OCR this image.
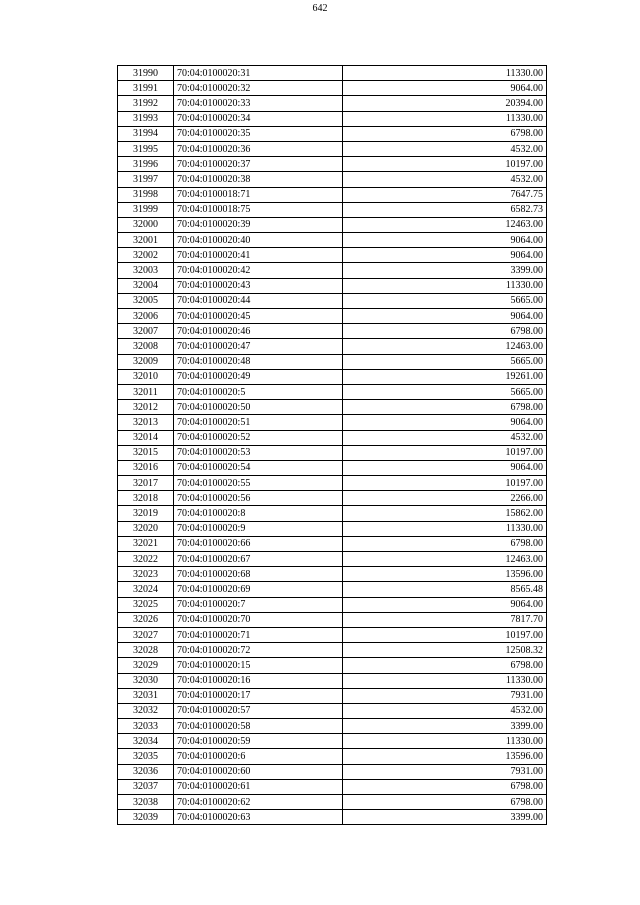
642
31990	70:04:0100020:31	11330.00
31991	70:04:0100020:32	9064.00
31992	70:04:0100020:33	20394.00
31993	70:04:0100020:34	11330.00
31994	70:04:0100020:35	6798.00
31995	70:04:0100020:36	4532.00
31996	70:04:0100020:37	10197.00
31997	70:04:0100020:38	4532.00
31998	70:04:0100018:71	7647.75
31999	70:04:0100018:75	6582.73
32000	70:04:0100020:39	12463.00
32001	70:04:0100020:40	9064.00
32002	70:04:0100020:41	9064.00
32003	70:04:0100020:42	3399.00
32004	70:04:0100020:43	11330.00
32005	70:04:0100020:44	5665.00
32006	70:04:0100020:45	9064.00
32007	70:04:0100020:46	6798.00
32008	70:04:0100020:47	12463.00
32009	70:04:0100020:48	5665.00
32010	70:04:0100020:49	19261.00
32011	70:04:0100020:5	5665.00
32012	70:04:0100020:50	6798.00
32013	70:04:0100020:51	9064.00
32014	70:04:0100020:52	4532.00
32015	70:04:0100020:53	10197.00
32016	70:04:0100020:54	9064.00
32017	70:04:0100020:55	10197.00
32018	70:04:0100020:56	2266.00
32019	70:04:0100020:8	15862.00
32020	70:04:0100020:9	11330.00
32021	70:04:0100020:66	6798.00
32022	70:04:0100020:67	12463.00
32023	70:04:0100020:68	13596.00
32024	70:04:0100020:69	8565.48
32025	70:04:0100020:7	9064.00
32026	70:04:0100020:70	7817.70
32027	70:04:0100020:71	10197.00
32028	70:04:0100020:72	12508.32
32029	70:04:0100020:15	6798.00
32030	70:04:0100020:16	11330.00
32031	70:04:0100020:17	7931.00
32032	70:04:0100020:57	4532.00
32033	70:04:0100020:58	3399.00
32034	70:04:0100020:59	11330.00
32035	70:04:0100020:6	13596.00
32036	70:04:0100020:60	7931.00
32037	70:04:0100020:61	6798.00
32038	70:04:0100020:62	6798.00
32039	70:04:0100020:63	3399.00
